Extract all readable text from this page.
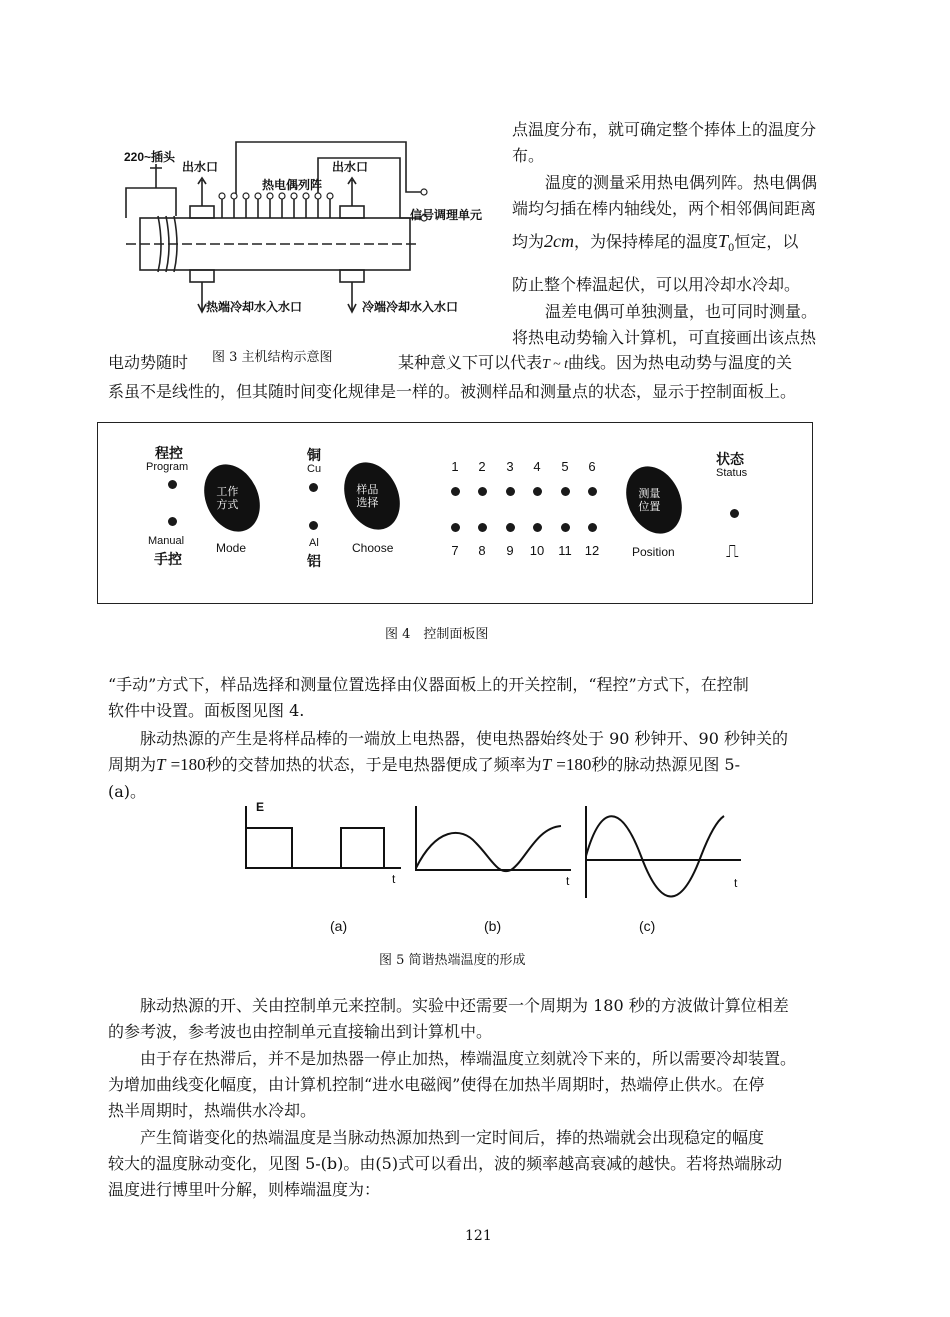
220~插头
出水口	出水口
热电偶列阵
信号调理单元
热端冷却水入水口	冷端冷却水入水口
图 3 主机结构示意图
点温度分布，就可确定整个捧体上的温度分
布。
温度的测量采用热电偶列阵。热电偶偶
端均匀插在棒内轴线处，两个相邻偶间距离
均为2cm，为保持棒尾的温度$T_0$恒定，以
防止整个棒温起伏，可以用冷却水冷却。
温差电偶可单独测量，也可同时测量。
将热电动势输入计算机，可直接画出该点热
电动势随时	某种意义下可以代表T ~ t曲线。因为热电动势与温度的关
系虽不是线性的，但其随时间变化规律是一样的。被测样品和测量点的状态，显示于控制面板上。
程控
Program
Manual
手控
工作方式
Mode
铜
Cu
Al
铝
样品选择
Choose
1	2	3	4	5	6
7	8	9	10 11 12
测量位置
Position
状态
Status
⎍
图 4　控制面板图
“手动”方式下，样品选择和测量位置选择由仪器面板上的开关控制，“程控”方式下，在控制
软件中设置。面板图见图 4.
脉动热源的产生是将样品棒的一端放上电热器，使电热器始终处于 90 秒钟开、90 秒钟关的
周期为T =180秒的交替加热的状态，于是电热器便成了频率为T =180秒的脉动热源见图 5-
(a)。
E
t	t	t
(a)	(b)	(c)
图 5 简谐热端温度的形成
脉动热源的开、关由控制单元来控制。实验中还需要一个周期为 180 秒的方波做计算位相差
的参考波，参考波也由控制单元直接输出到计算机中。
由于存在热滞后，并不是加热器一停止加热，棒端温度立刻就冷下来的，所以需要冷却装置。
为增加曲线变化幅度，由计算机控制“进水电磁阀”使得在加热半周期时，热端停止供水。在停
热半周期时，热端供水冷却。
产生简谐变化的热端温度是当脉动热源加热到一定时间后，捧的热端就会出现稳定的幅度
较大的温度脉动变化，见图 5-(b)。由(5)式可以看出，波的频率越高衰减的越快。若将热端脉动
温度进行博里叶分解，则棒端温度为：
121
